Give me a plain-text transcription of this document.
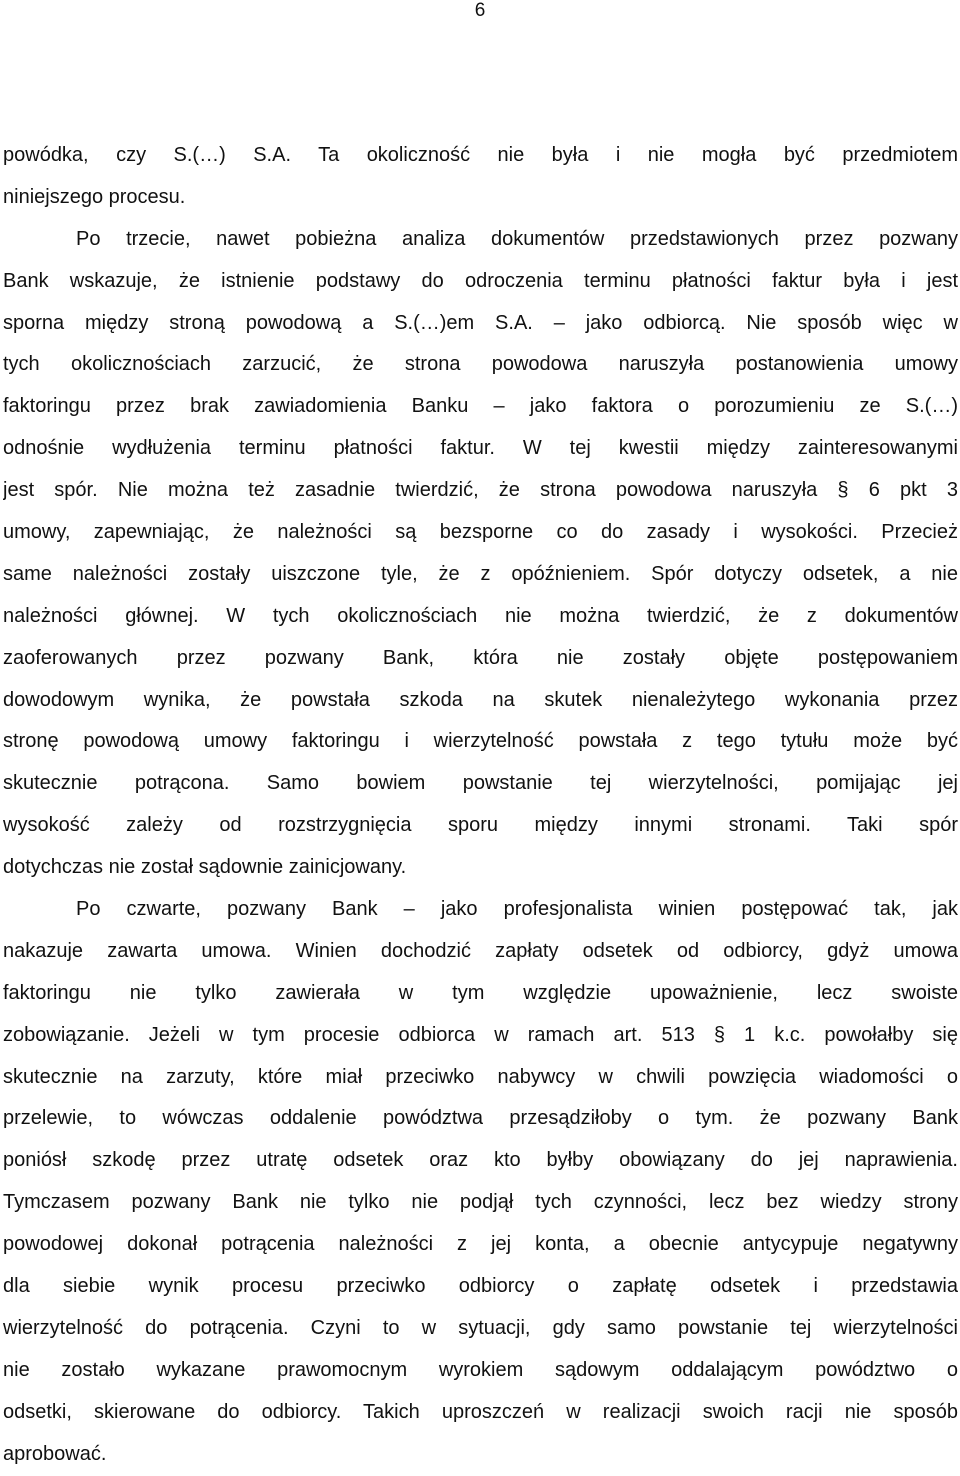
6
powódka, czy S.(…) S.A. Ta okoliczność nie była i nie mogła być przedmiotem
niniejszego procesu.
Po trzecie, nawet pobieżna analiza dokumentów przedstawionych przez pozwany
Bank wskazuje, że istnienie podstawy do odroczenia terminu płatności faktur była i jest
sporna między stroną powodową a S.(…)em S.A. – jako odbiorcą. Nie sposób więc w
tych okolicznościach zarzucić, że strona powodowa naruszyła postanowienia umowy
faktoringu przez brak zawiadomienia Banku – jako faktora o porozumieniu ze S.(…)
odnośnie wydłużenia terminu płatności faktur. W tej kwestii między zainteresowanymi
jest spór. Nie można też zasadnie twierdzić, że strona powodowa naruszyła § 6 pkt 3
umowy, zapewniając, że należności są bezsporne co do zasady i wysokości. Przecież
same należności zostały uiszczone tyle, że z opóźnieniem. Spór dotyczy odsetek, a nie
należności głównej. W tych okolicznościach nie można twierdzić, że z dokumentów
zaoferowanych przez pozwany Bank, która nie zostały objęte postępowaniem
dowodowym wynika, że powstała szkoda na skutek nienależytego wykonania przez
stronę powodową umowy faktoringu i wierzytelność powstała z tego tytułu może być
skutecznie potrącona. Samo bowiem powstanie tej wierzytelności, pomijając jej
wysokość zależy od rozstrzygnięcia sporu między innymi stronami. Taki spór
dotychczas nie został sądownie zainicjowany.
Po czwarte, pozwany Bank – jako profesjonalista winien postępować tak, jak
nakazuje zawarta umowa. Winien dochodzić zapłaty odsetek od odbiorcy, gdyż umowa
faktoringu nie tylko zawierała w tym względzie upoważnienie, lecz swoiste
zobowiązanie. Jeżeli w tym procesie odbiorca w ramach art. 513 § 1 k.c. powołałby się
skutecznie na zarzuty, które miał przeciwko nabywcy w chwili powzięcia wiadomości o
przelewie, to wówczas oddalenie powództwa przesądziłoby o tym. że pozwany Bank
poniósł szkodę przez utratę odsetek oraz kto byłby obowiązany do jej naprawienia.
Tymczasem pozwany Bank nie tylko nie podjął tych czynności, lecz bez wiedzy strony
powodowej dokonał potrącenia należności z jej konta, a obecnie antycypuje negatywny
dla siebie wynik procesu przeciwko odbiorcy o zapłatę odsetek i przedstawia
wierzytelność do potrącenia. Czyni to w sytuacji, gdy samo powstanie tej wierzytelności
nie zostało wykazane prawomocnym wyrokiem sądowym oddalającym powództwo o
odsetki, skierowane do odbiorcy. Takich uproszczeń w realizacji swoich racji nie sposób
aprobować.
